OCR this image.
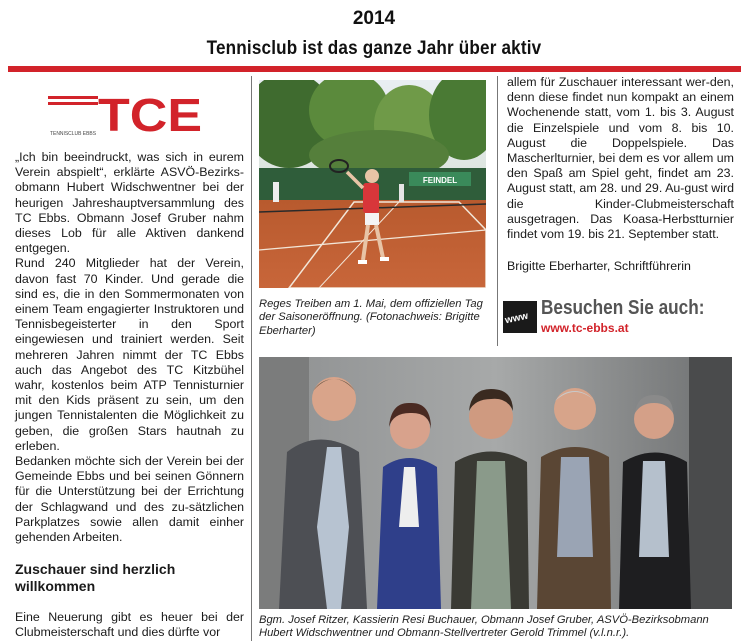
2014
Tennisclub ist das ganze Jahr über aktiv
TCE
TENNISCLUB EBBS

„Ich bin beeindruckt, was sich in eurem Verein abspielt“, erklärte ASVÖ-Bezirks-obmann Hubert Widschwentner bei der heurigen Jahreshauptversammlung des TC Ebbs. Obmann Josef Gruber nahm dieses Lob für alle Aktiven dankend entgegen.

Rund 240 Mitglieder hat der Verein, davon fast 70 Kinder. Und gerade die sind es, die in den Sommermonaten von einem Team engagierter Instruktoren und Tennisbegeisterter in den Sport eingewiesen und trainiert werden. Seit mehreren Jahren nimmt der TC Ebbs auch das Angebot des TC Kitzbühel wahr, kostenlos beim ATP Tennisturnier mit den Kids präsent zu sein, um den jungen Tennistalenten die Möglichkeit zu geben, die großen Stars hautnah zu erleben.

Bedanken möchte sich der Verein bei der Gemeinde Ebbs und bei seinen Gönnern für die Unterstützung bei der Errichtung der Schlagwand und des zu-sätzlichen Parkplatzes sowie allen damit einher gehenden Arbeiten.

Zuschauer sind herzlich willkommen

Eine Neuerung gibt es heuer bei der Clubmeisterschaft und dies dürfte vor

FEINDEL
Reges Treiben am 1. Mai, dem offiziellen Tag der Saisoneröffnung. (Fotonachweis: Brigitte Eberharter)

allem für Zuschauer interessant wer-den, denn diese findet nun kompakt an einem Wochenende statt, vom 1. bis 3. August die Einzelspiele und vom 8. bis 10. August die Doppelspiele. Das Mascherlturnier, bei dem es vor allem um den Spaß am Spiel geht, findet am 23. August statt, am 28. und 29. Au-gust wird die Kinder-Clubmeisterschaft ausgetragen. Das Koasa-Herbstturnier findet vom 19. bis 21. September statt.

Brigitte Eberharter, Schriftführerin
www Besuchen Sie auch:
www.tc-ebbs.at
Bgm. Josef Ritzer, Kassierin Resi Buchauer, Obmann Josef Gruber, ASVÖ-Bezirksobmann Hubert Widschwentner und Obmann-Stellvertreter Gerold Trimmel (v.l.n.r.).
